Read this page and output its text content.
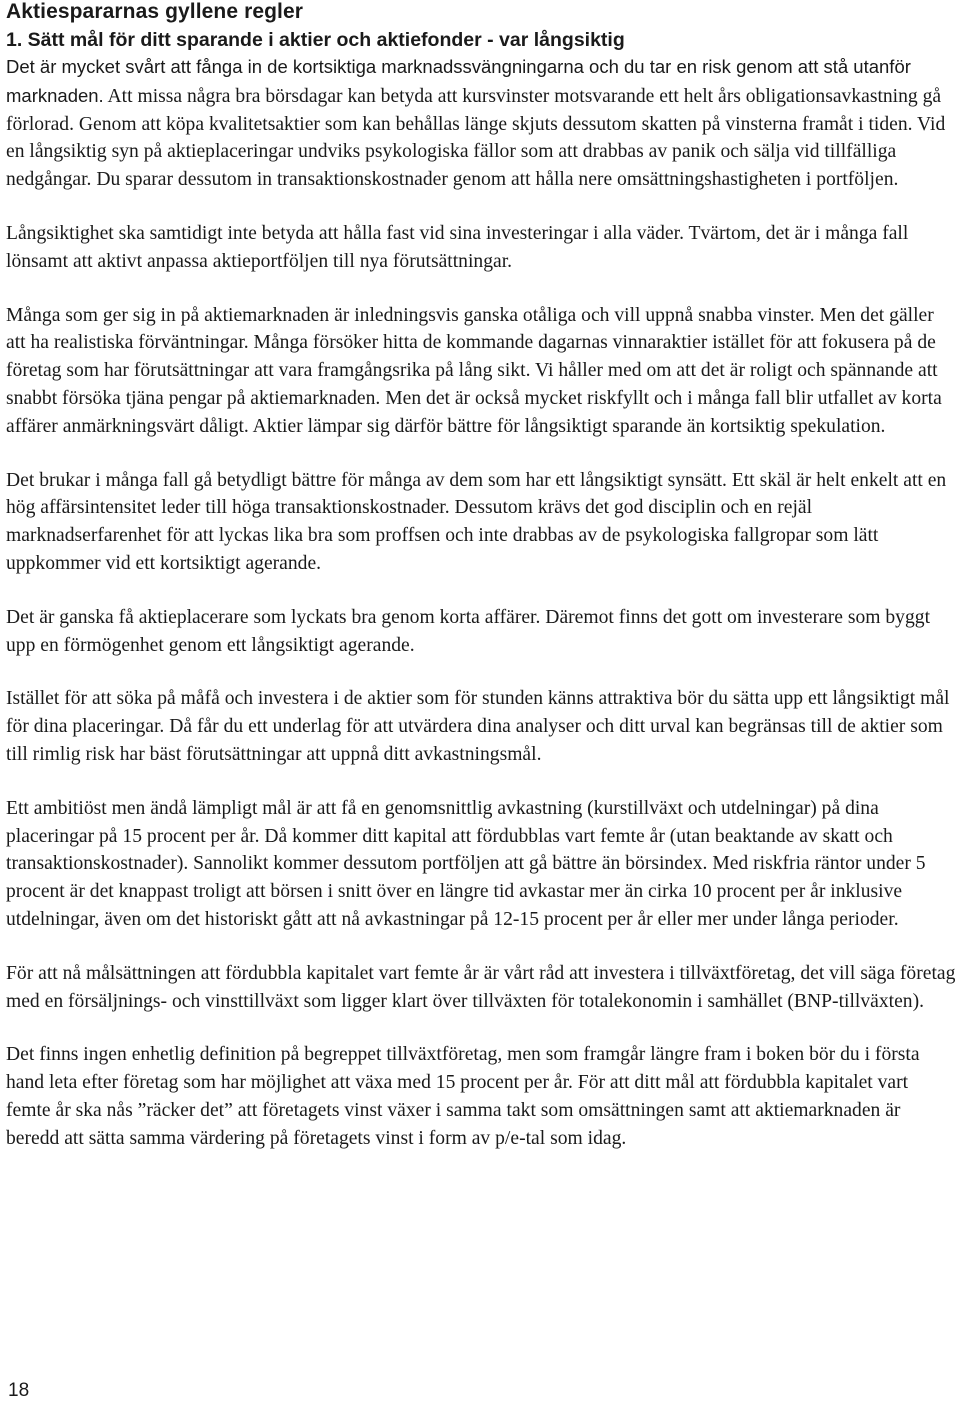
Aktiespararnas gyllene regler
1. Sätt mål för ditt sparande i aktier och aktiefonder - var långsiktig

Det är mycket svårt att fånga in de kortsiktiga marknadssvängningarna och du tar en risk genom att stå utanför marknaden. Att missa några bra börsdagar kan betyda att kursvinster motsvarande ett helt års obligationsavkastning gå förlorad. Genom att köpa kvalitetsaktier som kan behållas länge skjuts dessutom skatten på vinsterna framåt i tiden. Vid en långsiktig syn på aktieplaceringar undviks psykologiska fällor som att drabbas av panik och sälja vid tillfälliga nedgångar. Du sparar dessutom in transaktionskostnader genom att hålla nere omsättningshastigheten i portföljen.

Långsiktighet ska samtidigt inte betyda att hålla fast vid sina investeringar i alla väder. Tvärtom, det är i många fall lönsamt att aktivt anpassa aktieportföljen till nya förutsättningar.

Många som ger sig in på aktiemarknaden är inledningsvis ganska otåliga och vill uppnå snabba vinster. Men det gäller att ha realistiska förväntningar. Många försöker hitta de kommande dagarnas vinnaraktier istället för att fokusera på de företag som har förutsättningar att vara framgångsrika på lång sikt. Vi håller med om att det är roligt och spännande att snabbt försöka tjäna pengar på aktiemarknaden. Men det är också mycket riskfyllt och i många fall blir utfallet av korta affärer anmärkningsvärt dåligt. Aktier lämpar sig därför bättre för långsiktigt sparande än kortsiktig spekulation.

Det brukar i många fall gå betydligt bättre för många av dem som har ett långsiktigt synsätt. Ett skäl är helt enkelt att en hög affärsintensitet leder till höga transaktionskostnader. Dessutom krävs det god disciplin och en rejäl marknadserfarenhet för att lyckas lika bra som proffsen och inte drabbas av de psykologiska fallgropar som lätt uppkommer vid ett kortsiktigt agerande.

Det är ganska få aktieplacerare som lyckats bra genom korta affärer. Däremot finns det gott om investerare som byggt upp en förmögenhet genom ett långsiktigt agerande.

Istället för att söka på måfå och investera i de aktier som för stunden känns attraktiva bör du sätta upp ett långsiktigt mål för dina placeringar. Då får du ett underlag för att utvärdera dina analyser och ditt urval kan begränsas till de aktier som till rimlig risk har bäst förutsättningar att uppnå ditt avkastningsmål.

Ett ambitiöst men ändå lämpligt mål är att få en genomsnittlig avkastning (kurstillväxt och utdelningar) på dina placeringar på 15 procent per år. Då kommer ditt kapital att fördubblas vart femte år (utan beaktande av skatt och transaktionskostnader). Sannolikt kommer dessutom portföljen att gå bättre än börsindex. Med riskfria räntor under 5 procent är det knappast troligt att börsen i snitt över en längre tid avkastar mer än cirka 10 procent per år inklusive utdelningar, även om det historiskt gått att nå avkastningar på 12-15 procent per år eller mer under långa perioder.

För att nå målsättningen att fördubbla kapitalet vart femte år är vårt råd att investera i tillväxtföretag, det vill säga företag med en försäljnings- och vinsttillväxt som ligger klart över tillväxten för totalekonomin i samhället (BNP-tillväxten).

Det finns ingen enhetlig definition på begreppet tillväxtföretag, men som framgår längre fram i boken bör du i första hand leta efter företag som har möjlighet att växa med 15 procent per år. För att ditt mål att fördubbla kapitalet vart femte år ska nås ”räcker det” att företagets vinst växer i samma takt som omsättningen samt att aktiemarknaden är beredd att sätta samma värdering på företagets vinst i form av p/e-tal som idag.

18
